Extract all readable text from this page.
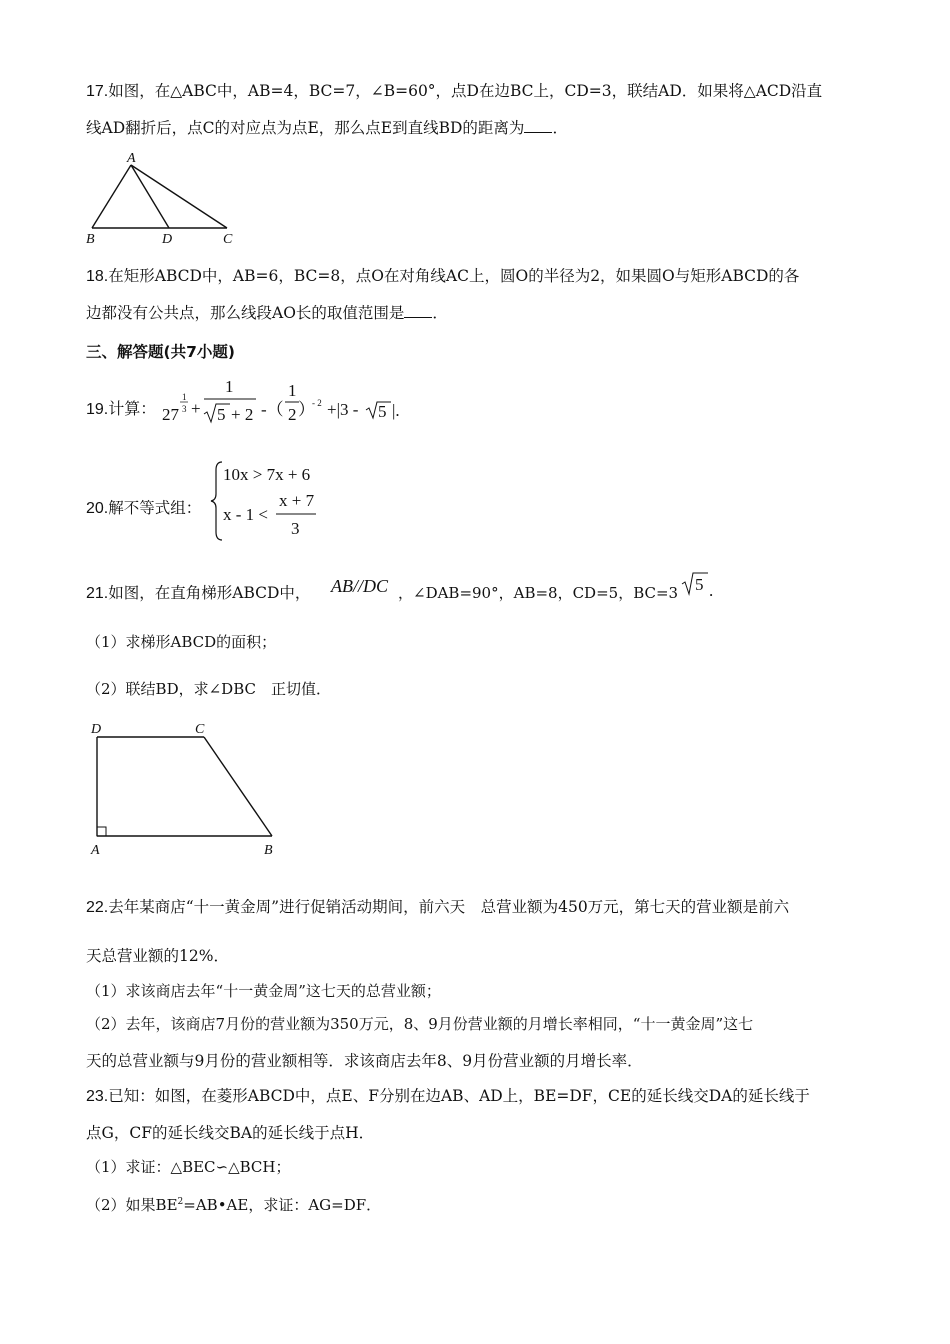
17.如图，在△ABC中，AB=4，BC=7，∠B=60°，点D在边BC上，CD=3，联结AD．如果将△ACD沿直
线AD翻折后，点C的对应点为点E，那么点E到直线BD的距离为 ．
A
B	D	C
18.在矩形ABCD中，AB=6，BC=8，点O在对角线AC上，圆O的半径为2，如果圆O与矩形ABCD的各
边都没有公共点，那么线段AO长的取值范围是 ．
三、解答题(共7小题)
19.计算： 27
1
3 +
1
5 + 2 -（
1
2 ）
- 2 +|3 - 5 |.
20.解不等式组：
10x > 7x + 6
x - 1 <
x + 7
3
21.如图，在直角梯形ABCD中，	AB//DC ，∠DAB=90°，AB=8，CD=5，BC=3 5 .
（1）求梯形ABCD的面积；
（2）联结BD，求∠DBC　正切值．
D	C
A	B
22.去年某商店“十一黄金周”进行促销活动期间，前六天　总营业额为450万元，第七天的营业额是前六
天总营业额的12%．
（1）求该商店去年“十一黄金周”这七天的总营业额；
（2）去年，该商店7月份的营业额为350万元，8、9月份营业额的月增长率相同，“十一黄金周”这七
天的总营业额与9月份的营业额相等．求该商店去年8、9月份营业额的月增长率．
23.已知：如图，在菱形ABCD中，点E、F分别在边AB、AD上，BE=DF，CE的延长线交DA的延长线于
点G，CF的延长线交BA的延长线于点H．
（1）求证：△BEC∽△BCH；
（2）如果$BE^2=AB•AE$，求证：AG=DF．
